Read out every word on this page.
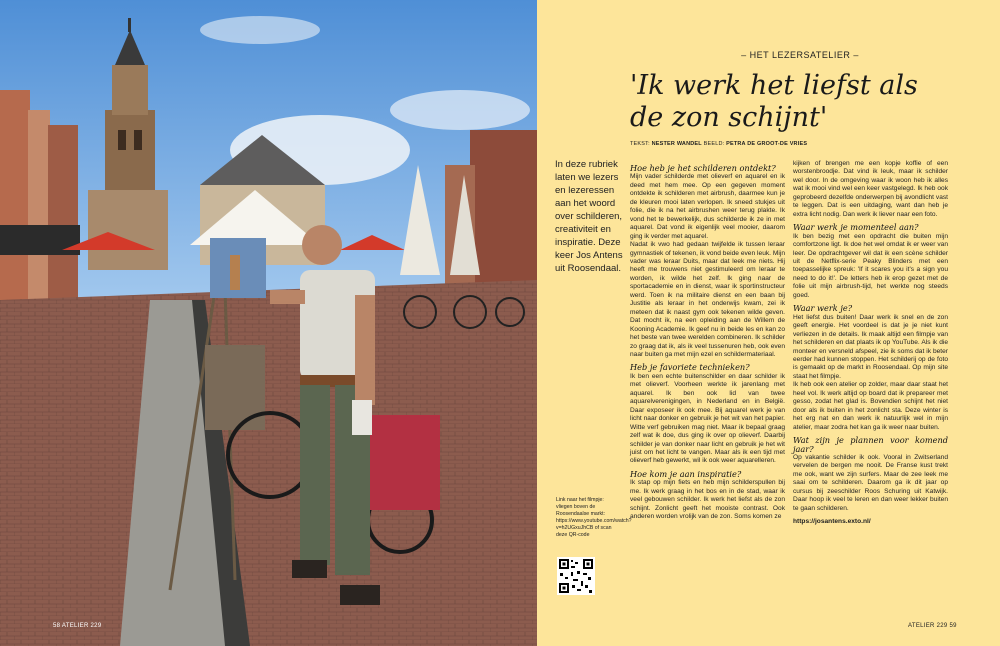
58 ATELIER 229
– HET LEZERSATELIER –
'Ik werk het liefst als de zon schijnt'
TEKST: NESTER WANDEL BEELD: PETRA DE GROOT-DE VRIES
In deze rubriek laten we lezers en lezeressen aan het woord over schilderen, creativiteit en inspiratie. Deze keer Jos Antens uit Roosendaal.
Link naar het filmpje: vliegen boven de Roosendaalse markt: https://www.youtube.com/watch?v=h2UGxuJhCB of scan deze QR-code
Hoe heb je het schilderen ontdekt?

Mijn vader schilderde met olieverf en aquarel en ik deed met hem mee. Op een gegeven moment ontdekte ik schilderen met airbrush, daarmee kun je de kleuren mooi laten verlopen. Ik sneed stukjes uit folie, die ik na het airbrushen weer terug plakte. Ik vond het te bewerkelijk, dus schilderde ik ze in met aquarel. Dat vond ik eigenlijk veel mooier, daarom ging ik verder met aquarel.

Nadat ik vwo had gedaan twijfelde ik tussen leraar gymnastiek of tekenen, ik vond beide even leuk. Mijn vader was leraar Duits, maar dat leek me niets. Hij heeft me trouwens niet gestimuleerd om leraar te worden, ik wilde het zelf. Ik ging naar de sportacademie en in dienst, waar ik sportinstructeur werd. Toen ik na militaire dienst en een baan bij Justitie als leraar in het onderwijs kwam, zei ik meteen dat ik naast gym ook tekenen wilde geven. Dat mocht ik, na een opleiding aan de Willem de Kooning Academie. Ik geef nu in beide les en kan zo het beste van twee werelden combineren. Ik schilder zo graag dat ik, als ik veel tussenuren heb, ook even naar buiten ga met mijn ezel en schildermateriaal.

Heb je favoriete technieken?

Ik ben een echte buitenschilder en daar schilder ik met olieverf. Voorheen werkte ik jarenlang met aquarel. Ik ben ook lid van twee aquarelverenigingen, in Nederland en in België. Daar exposeer ik ook mee. Bij aquarel werk je van licht naar donker en gebruik je het wit van het papier. Witte verf gebruiken mag niet. Maar ik bepaal graag zelf wat ik doe, dus ging ik over op olieverf. Daarbij schilder je van donker naar licht en gebruik je het wit juist om het licht te vangen. Maar als ik een tijd met olieverf heb gewerkt, wil ik ook weer aquarelleren.

Hoe kom je aan inspiratie?

Ik stap op mijn fiets en heb mijn schilderspullen bij me. Ik werk graag in het bos en in de stad, waar ik veel gebouwen schilder. Ik werk het liefst als de zon schijnt. Zonlicht geeft het mooiste contrast. Ook anderen worden vrolijk van de zon. Soms komen ze

kijken of brengen me een kopje koffie of een worstenbroodje. Dat vind ik leuk, maar ik schilder wel door. In de omgeving waar ik woon heb ik alles wat ik mooi vind wel een keer vastgelegd. Ik heb ook geprobeerd dezelfde onderwerpen bij avondlicht vast te leggen. Dat is een uitdaging, want dan heb je extra licht nodig. Dan werk ik liever naar een foto.

Waar werk je momenteel aan?

Ik ben bezig met een opdracht die buiten mijn comfortzone ligt. Ik doe het wel omdat ik er weer van leer. De opdrachtgever wil dat ik een scène schilder uit de Netflix-serie Peaky Blinders met een toepasselijke spreuk: 'If it scares you it's a sign you need to do it!'. De letters heb ik erop gezet met de folie uit mijn airbrush-tijd, het werkte nog steeds goed.

Waar werk je?

Het liefst dus buiten! Daar werk ik snel en de zon geeft energie. Het voordeel is dat je je niet kunt verliezen in de details. Ik maak altijd een filmpje van het schilderen en dat plaats ik op YouTube. Als ik die monteer en versneld afspeel, zie ik soms dat ik beter eerder had kunnen stoppen. Het schilderij op de foto is gemaakt op de markt in Roosendaal. Op mijn site staat het filmpje.

Ik heb ook een atelier op zolder, maar daar staat het heel vol. Ik werk altijd op board dat ik prepareer met gesso, zodat het glad is. Bovendien schijnt het niet door als ik buiten in het zonlicht sta. Deze winter is het erg nat en dan werk ik natuurlijk wel in mijn atelier, maar zodra het kan ga ik weer naar buiten.

Wat zijn je plannen voor komend jaar?

Op vakantie schilder ik ook. Vooral in Zwitserland vervelen de bergen me nooit. De Franse kust trekt me ook, want we zijn surfers. Maar de zee leek me saai om te schilderen. Daarom ga ik dit jaar op cursus bij zeeschilder Roos Schuring uit Katwijk. Daar hoop ik veel te leren en dan weer lekker buiten te gaan schilderen.

https://josantens.exto.nl/
ATELIER 229 59
